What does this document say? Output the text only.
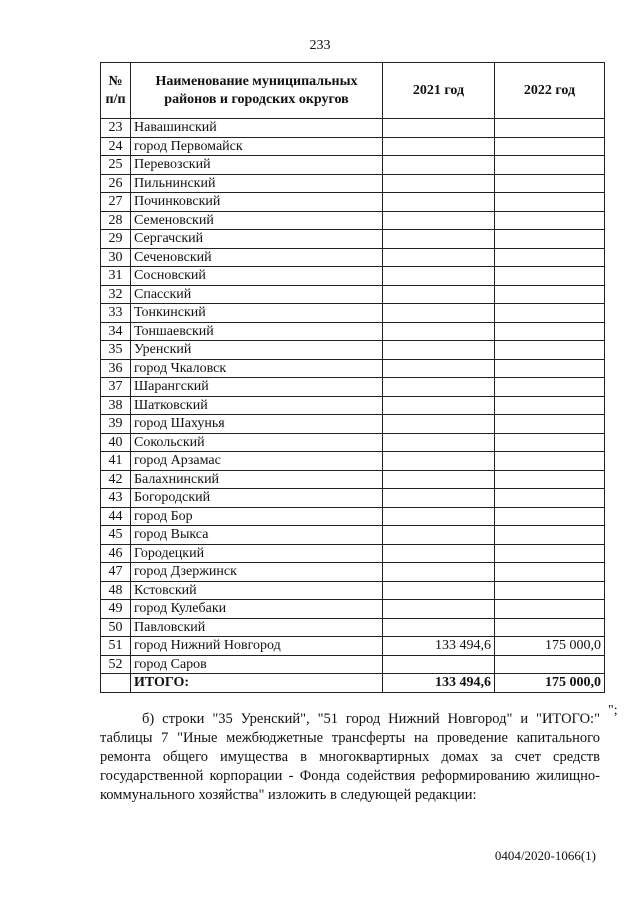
233
№ п/п	Наименование муниципальных районов и городских округов	2021 год	2022 год
23	Навашинский		
24	город Первомайск		
25	Перевозский		
26	Пильнинский		
27	Починковский		
28	Семеновский		
29	Сергачский		
30	Сеченовский		
31	Сосновский		
32	Спасский		
33	Тонкинский		
34	Тоншаевский		
35	Уренский		
36	город Чкаловск		
37	Шарангский		
38	Шатковский		
39	город Шахунья		
40	Сокольский		
41	город Арзамас		
42	Балахнинский		
43	Богородский		
44	город Бор		
45	город Выкса		
46	Городецкий		
47	город Дзержинск		
48	Кстовский		
49	город Кулебаки		
50	Павловский		
51	город Нижний Новгород	133 494,6	175 000,0
52	город Саров		
	ИТОГО:	133 494,6	175 000,0
";

б) строки "35 Уренский", "51 город Нижний Новгород" и "ИТОГО:" таблицы 7 "Иные межбюджетные трансферты на проведение капитального ремонта общего имущества в многоквартирных домах за счет средств государственной корпорации - Фонда содействия реформированию жилищно-коммунального хозяйства" изложить в следующей редакции:

0404/2020-1066(1)
